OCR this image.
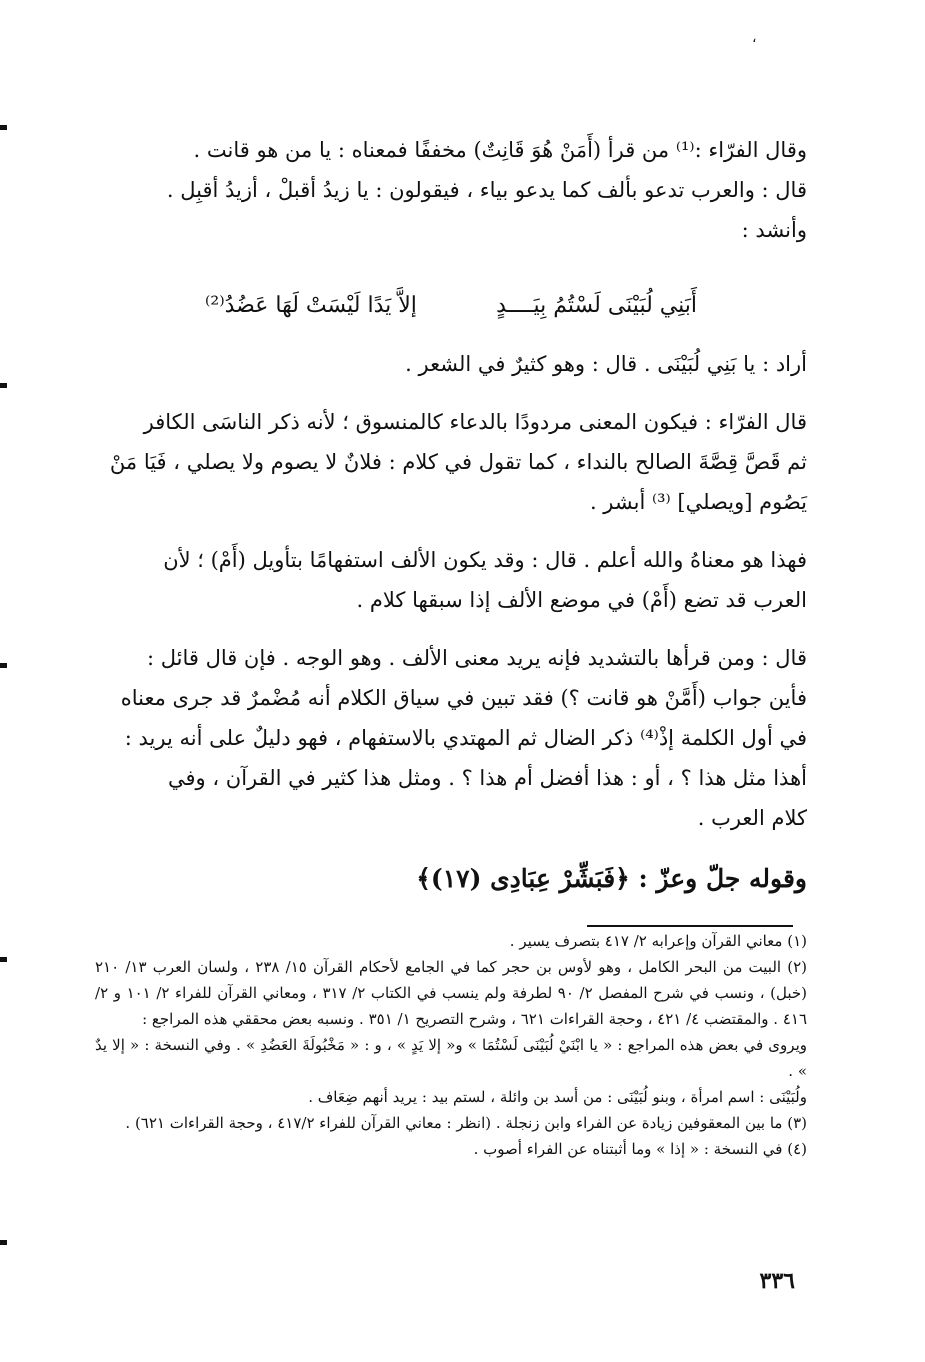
،

وقال الفرّاء :⁽¹⁾ من قرأ (أَمَنْ هُوَ قَانِتٌ) مخففًا فمعناه : يا من هو قانت .

قال : والعرب تدعو بألف كما يدعو بياء ، فيقولون : يا زيدُ أقبلْ ، أزيدُ أقبِل .

وأنشد :

أَبَنِي لُبَيْنَى لَسْتُمُ بِيَــــدٍ
إلاَّ يَدًا لَيْسَتْ لَهَا عَضُدُ⁽²⁾

أراد : يا بَنِي لُبَيْنَى . قال : وهو كثيرٌ في الشعر .

قال الفرّاء : فيكون المعنى مردودًا بالدعاء كالمنسوق ؛ لأنه ذكر الناسَى الكافر

ثم قَصَّ قِصَّةَ الصالح بالنداء ، كما تقول في كلام : فلانٌ لا يصوم ولا يصلي ، فَيَا مَنْ

يَصُوم [ويصلي] ⁽³⁾ أبشر .

فهذا هو معناهُ والله أعلم . قال : وقد يكون الألف استفهامًا بتأويل (أَمْ) ؛ لأن

العرب قد تضع (أَمْ) في موضع الألف إذا سبقها كلام .

قال : ومن قرأها بالتشديد فإنه يريد معنى الألف . وهو الوجه . فإن قال قائل :

فأين جواب (أَمَّنْ هو قانت ؟) فقد تبين في سياق الكلام أنه مُضْمرٌ قد جرى معناه

في أول الكلمة إذْ⁽⁴⁾ ذكر الضال ثم المهتدي بالاستفهام ، فهو دليلٌ على أنه يريد :

أهذا مثل هذا ؟ ، أو : هذا أفضل أم هذا ؟ . ومثل هذا كثير في القرآن ، وفي

كلام العرب .

وقوله جلّ وعزّ : ﴿فَبَشِّرْ عِبَادِى (١٧)﴾

(١) معاني القرآن وإعرابه ٢/ ٤١٧ بتصرف يسير .

(٢) البيت من البحر الكامل ، وهو لأوس بن حجر كما في الجامع لأحكام القرآن ١٥/ ٢٣٨ ، ولسان العرب ١٣/ ٢١٠ (خبل) ، ونسب في شرح المفصل ٢/ ٩٠ لطرفة ولم ينسب في الكتاب ٢/ ٣١٧ ، ومعاني القرآن للفراء ٢/ ١٠١ و ٢/ ٤١٦ . والمقتضب ٤/ ٤٢١ ، وحجة القراءات ٦٢١ ، وشرح التصريح ١/ ٣٥١ . ونسبه بعض محققي هذه المراجع :

ويروى في بعض هذه المراجع : « يا ابْنَيْ لُبَيْنَى لَسْتُمَا » و« إلا يَدٍ » ، و : « مَخْبُولَةَ العَضُدِ » . وفي النسخة : « إلا يدٌ » .

ولُبَيْنَى : اسم امرأة ، وبنو لُبَيْنَى : من أسد بن وائلة ، لستم بيد : يريد أنهم ضِعَاف .

(٣) ما بين المعقوفين زيادة عن الفراء وابن زنجلة . (انظر : معاني القرآن للفراء ٤١٧/٢ ، وحجة القراءات ٦٢١) .

(٤) في النسخة : « إذا » وما أثبتناه عن الفراء أصوب .

٣٣٦
